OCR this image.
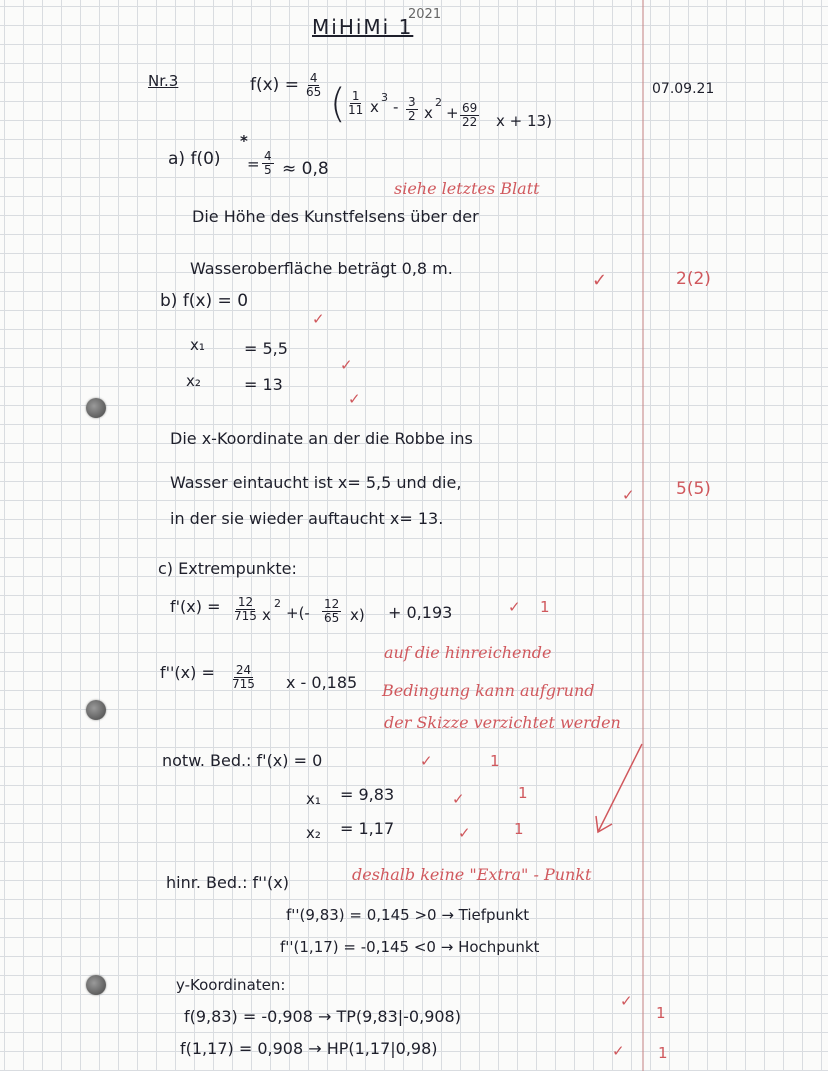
2021
MiHiMi 1
Nr.3	07.09.21
$f(x) = \frac{4}{65}$ ( $\frac{1}{11}$ x
3
- $\frac{3}{2}$ x
2
+ $\frac{69}{22}$ x + 13)
a) f(0)
*
= $\frac{4}{5} \approx 0,8$
siehe letztes Blatt
Die Höhe des Kunstfelsens über der
Wasseroberfläche beträgt 0,8 m.
✓	2(2)
b) f(x) = 0
✓
x₁ = 5,5
✓
x₂	= 13
✓
Die x-Koordinate an der die Robbe ins
Wasser eintaucht ist x= 5,5 und die,
in der sie wieder auftaucht x= 13.
✓ 5(5)
c) Extrempunkte:
$f'(x) = \frac{12}{715}$ x
2
+(- $\frac{12}{65} x) + 0,193$	✓ 1
$f''(x) = \frac{24}{715}$ x - 0,185
auf die hinreichende
Bedingung kann aufgrund
der Skizze verzichtet werden
notw. Bed.: f'(x) = 0	✓	1
x₁ = 9,83	✓	1
x₂ = 1,17	✓	1
hinr. Bed.: f''(x)	deshalb keine "Extra" - Punkt
f''(9,83) = 0,145 >0 → Tiefpunkt
f''(1,17) = -0,145 <0 → Hochpunkt
y-Koordinaten:
✓
1
f(9,83) = -0,908 → TP(9,83|-0,908)
f(1,17) = 0,908 → HP(1,17|0,98)	✓ 1
